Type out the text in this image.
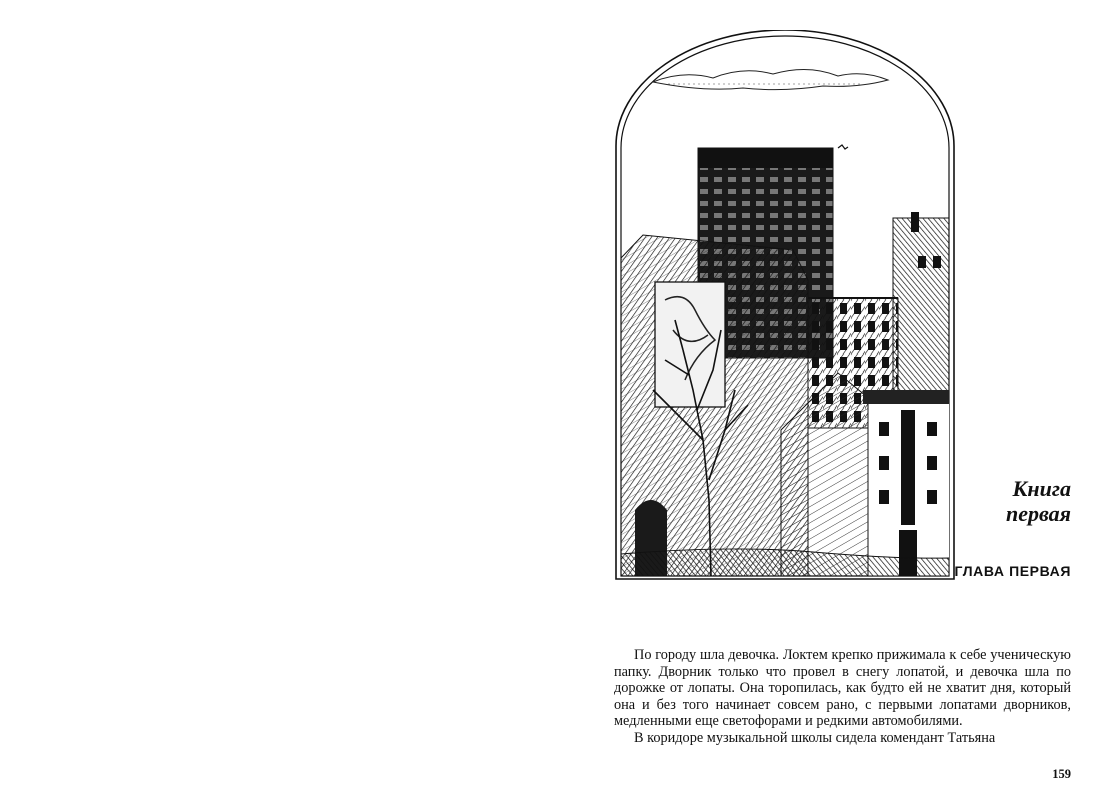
Книга
первая
ГЛАВА ПЕРВАЯ

По городу шла девочка. Локтем крепко прижимала к себе ученическую папку. Дворник только что провел в снегу лопатой, и девочка шла по дорожке от лопаты. Она торопилась, как будто ей не хватит дня, который она и без того начинает совсем рано, с первыми лопатами дворников, медленными еще светофорами и редкими автомобилями.

В коридоре музыкальной школы сидела комендант Татьяна

159
